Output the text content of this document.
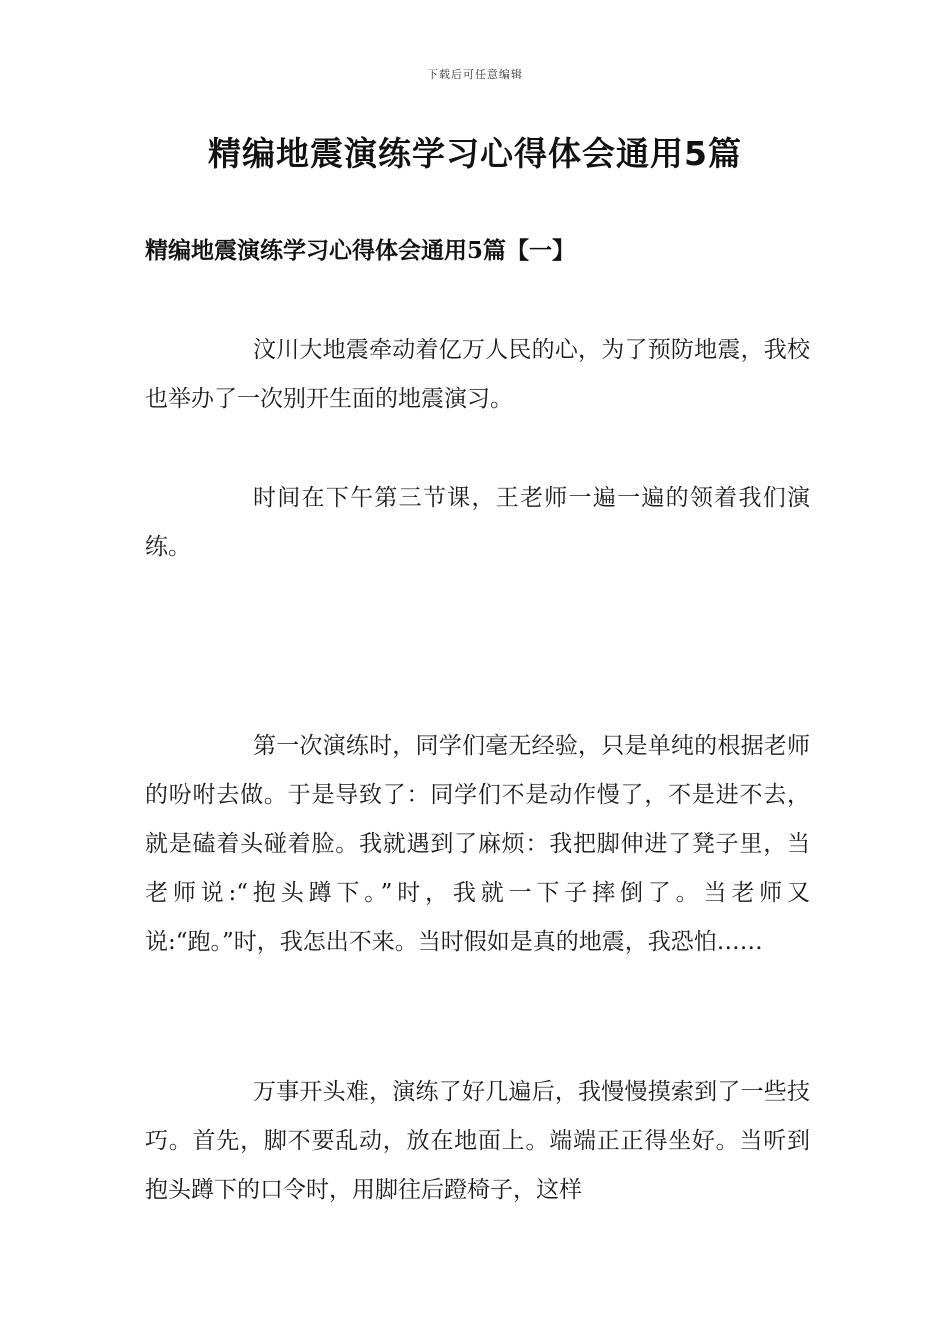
下载后可任意编辑
精编地震演练学习心得体会通用5篇
精编地震演练学习心得体会通用5篇【一】

汶川大地震牵动着亿万人民的心，为了预防地震，我校也举办了一次别开生面的地震演习。

时间在下午第三节课，王老师一遍一遍的领着我们演练。

第一次演练时，同学们毫无经验，只是单纯的根据老师的吩咐去做。于是导致了：同学们不是动作慢了，不是进不去，就是磕着头碰着脸。我就遇到了麻烦：我把脚伸进了凳子里，当老师说:“抱头蹲下。”时，我就一下子摔倒了。当老师又说:“跑。”时，我怎出不来。当时假如是真的地震，我恐怕……

万事开头难，演练了好几遍后，我慢慢摸索到了一些技巧。首先，脚不要乱动，放在地面上。端端正正得坐好。当听到抱头蹲下的口令时，用脚往后蹬椅子，这样
